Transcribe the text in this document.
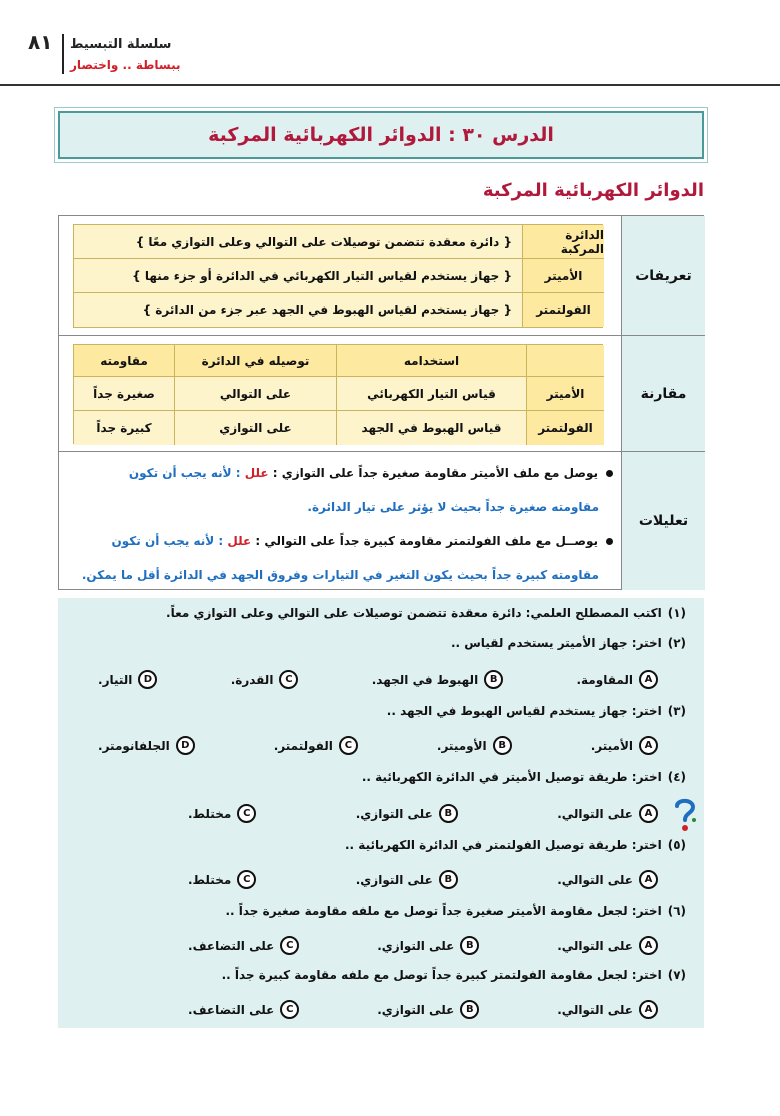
٨١ سلسلة التبسيط
ببساطة .. واختصار
الدرس ٣٠ : الدوائر الكهربائية المركبة
الدوائر الكهربائية المركبة
تعريفات
الدائرة المركبة
{ دائرة معقدة تتضمن توصيلات على التوالي وعلى التوازي معًا }
الأميتر
{ جهاز يستخدم لقياس التيار الكهربائي في الدائرة أو جزء منها }
الفولتمتر
{ جهاز يستخدم لقياس الهبوط في الجهد عبر جزء من الدائرة }
مقارنة
استخدامه
توصيله في الدائرة
مقاومته
الأميتر
قياس التيار الكهربائي
على التوالي
صغيرة جداً
الفولتمتر
قياس الهبوط في الجهد
على التوازي
كبيرة جداً
تعليلات
يوصل مع ملف الأميتر مقاومة صغيرة جداً على التوازي : علل : لأنه يجب أن تكون
مقاومته صغيرة جداً بحيث لا يؤثر على تيار الدائرة.
يوصــل مع ملف الفولتمتر مقاومة كبيرة جداً على التوالي : علل : لأنه يجب أن تكون
مقاومته كبيرة جداً بحيث يكون التغير في التيارات وفروق الجهد في الدائرة أقل ما يمكن.
(١)اكتب المصطلح العلمي: دائرة معقدة تتضمن توصيلات على التوالي وعلى التوازي معاً.
(٢)اختر: جهاز الأميتر يستخدم لقياس ..
A
المقاومة.
B
الهبوط في الجهد.
C
القدرة.
D
التيار.
(٣)اختر: جهاز يستخدم لقياس الهبوط في الجهد ..
A
الأميتر.
B
الأوميتر.
C
الفولتمتر.
D
الجلفانومتر.
(٤)اختر: طريقة توصيل الأميتر في الدائرة الكهربائية ..
A
على التوالي.
B
على التوازي.
C
مختلط.
(٥)اختر: طريقة توصيل الفولتمتر في الدائرة الكهربائية ..
A
على التوالي.
B
على التوازي.
C
مختلط.
(٦)اختر: لجعل مقاومة الأميتر صغيرة جداً توصل مع ملفه مقاومة صغيرة جداً ..
A
على التوالي.
B
على التوازي.
C
على التضاعف.
(٧)اختر: لجعل مقاومة الفولتمتر كبيرة جداً توصل مع ملفه مقاومة كبيرة جداً ..
A
على التوالي.
B
على التوازي.
C
على التضاعف.
